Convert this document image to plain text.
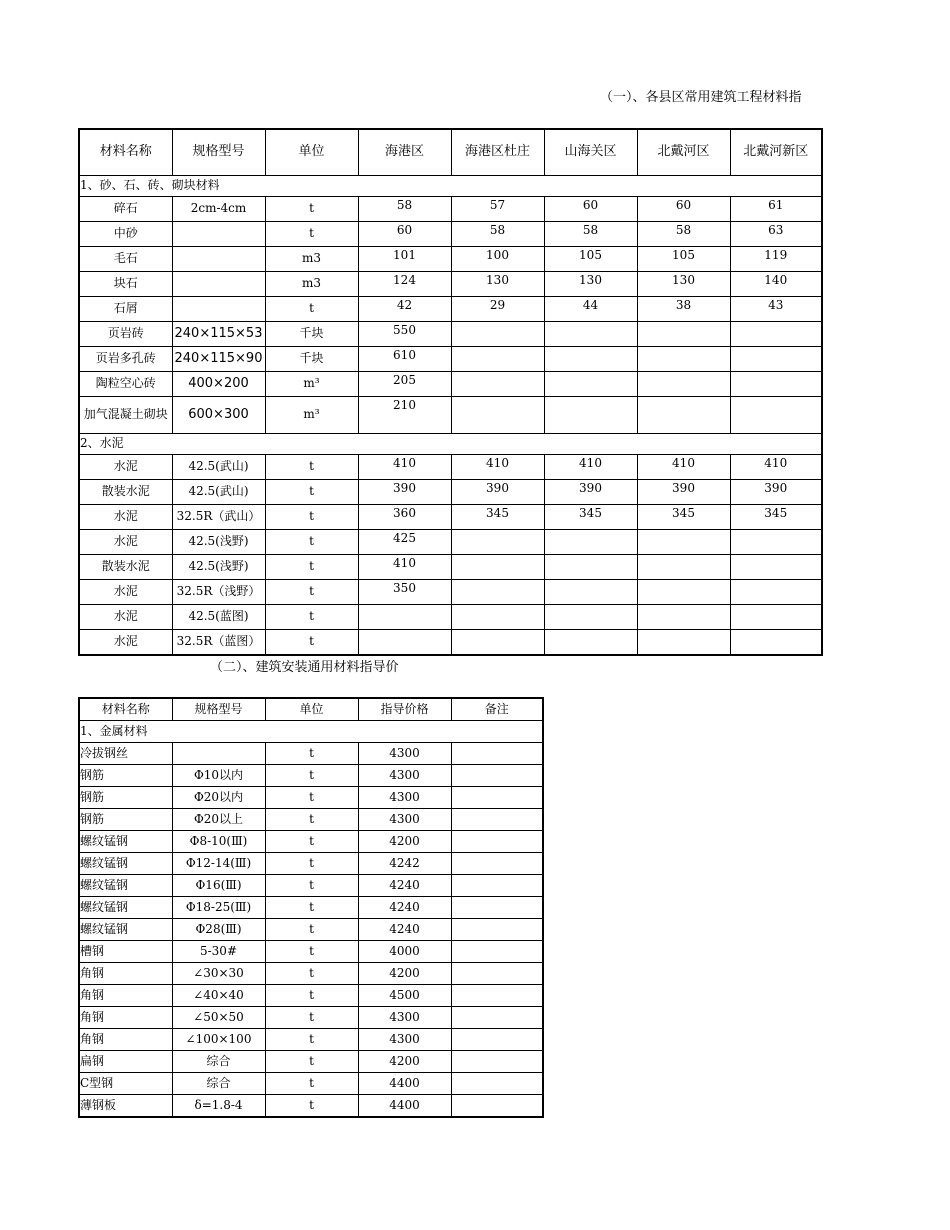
（一）、各县区常用建筑工程材料指
材料名称	规格型号	单位	海港区	海港区杜庄	山海关区	北戴河区	北戴河新区
1、砂、石、砖、砌块材料							
碎石	2cm-4cm	t	58	57	60	60	61
中砂		t	60	58	58	58	63
毛石		m3	101	100	105	105	119
块石		m3	124	130	130	130	140
石屑		t	42	29	44	38	43
页岩砖	240×115×53	千块	550				
页岩多孔砖	240×115×90	千块	610				
陶粒空心砖	400×200	m³	205				
加气混凝土砌块	600×300	m³	210				
2、水泥							
水泥	42.5(武山)	t	410	410	410	410	410
散装水泥	42.5(武山)	t	390	390	390	390	390
水泥	32.5R（武山）	t	360	345	345	345	345
水泥	42.5(浅野)	t	425				
散装水泥	42.5(浅野)	t	410				
水泥	32.5R（浅野）	t	350				
水泥	42.5(蓝图)	t					
水泥	32.5R（蓝图）	t					
（二）、建筑安装通用材料指导价
材料名称	规格型号	单位	指导价格	备注
1、金属材料				
冷拔钢丝		t	4300	
钢筋	Φ10以内	t	4300	
钢筋	Φ20以内	t	4300	
钢筋	Φ20以上	t	4300	
螺纹锰钢	Φ8-10(Ⅲ)	t	4200	
螺纹锰钢	Φ12-14(Ⅲ)	t	4242	
螺纹锰钢	Φ16(Ⅲ)	t	4240	
螺纹锰钢	Φ18-25(Ⅲ)	t	4240	
螺纹锰钢	Φ28(Ⅲ)	t	4240	
槽钢	5-30#	t	4000	
角钢	∠30×30	t	4200	
角钢	∠40×40	t	4500	
角钢	∠50×50	t	4300	
角钢	∠100×100	t	4300	
扁钢	综合	t	4200	
C型钢	综合	t	4400	
薄钢板	δ=1.8-4	t	4400	
